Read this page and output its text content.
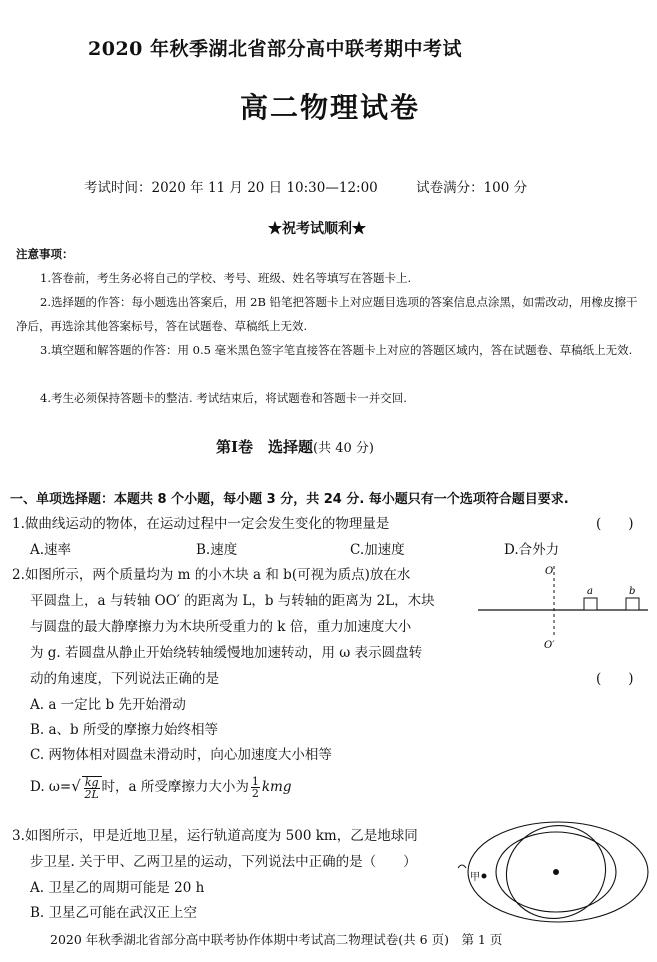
2020 年秋季湖北省部分高中联考期中考试
高二物理试卷
考试时间：2020 年 11 月 20 日 10:30—12:00	试卷满分：100 分
★祝考试顺利★
注意事项：
1.答卷前，考生务必将自己的学校、考号、班级、姓名等填写在答题卡上.
2.选择题的作答：每小题选出答案后，用 2B 铅笔把答题卡上对应题目选项的答案信息点涂黑，如需改动，用橡皮擦干净后，再选涂其他答案标号，答在试题卷、草稿纸上无效.
3.填空题和解答题的作答：用 0.5 毫米黑色签字笔直接答在答题卡上对应的答题区域内，答在试题卷、草稿纸上无效.
4.考生必须保持答题卡的整洁. 考试结束后，将试题卷和答题卡一并交回.
第Ⅰ卷　选择题(共 40 分)
一、单项选择题：本题共 8 个小题，每小题 3 分，共 24 分. 每小题只有一个选项符合题目要求.
1.做曲线运动的物体，在运动过程中一定会发生变化的物理量是	(　　)
A.速率	B.速度	C.加速度	D.合外力
2.如图所示，两个质量均为 m 的小木块 a 和 b(可视为质点)放在水
平圆盘上，a 与转轴 OO′ 的距离为 L，b 与转轴的距离为 2L，木块
与圆盘的最大静摩擦力为木块所受重力的 k 倍，重力加速度大小
为 g. 若圆盘从静止开始绕转轴缓慢地加速转动，用 ω 表示圆盘转
动的角速度，下列说法正确的是	(　　)
A. a 一定比 b 先开始滑动
B. a、b 所受的摩擦力始终相等
C. 两物体相对圆盘未滑动时，向心加速度大小相等
D. $\omega=√ \frac{kg}{2L}$ 时，a 所受摩擦力大小为 $\frac{1}{2}$ kmg
O
O′
a	b
3.如图所示，甲是近地卫星，运行轨道高度为 500 km，乙是地球同
步卫星. 关于甲、乙两卫星的运动，下列说法中正确的是（　　）
A. 卫星乙的周期可能是 20 h
B. 卫星乙可能在武汉正上空
甲
2020 年秋季湖北省部分高中联考协作体期中考试高二物理试卷(共 6 页)　第 1 页
